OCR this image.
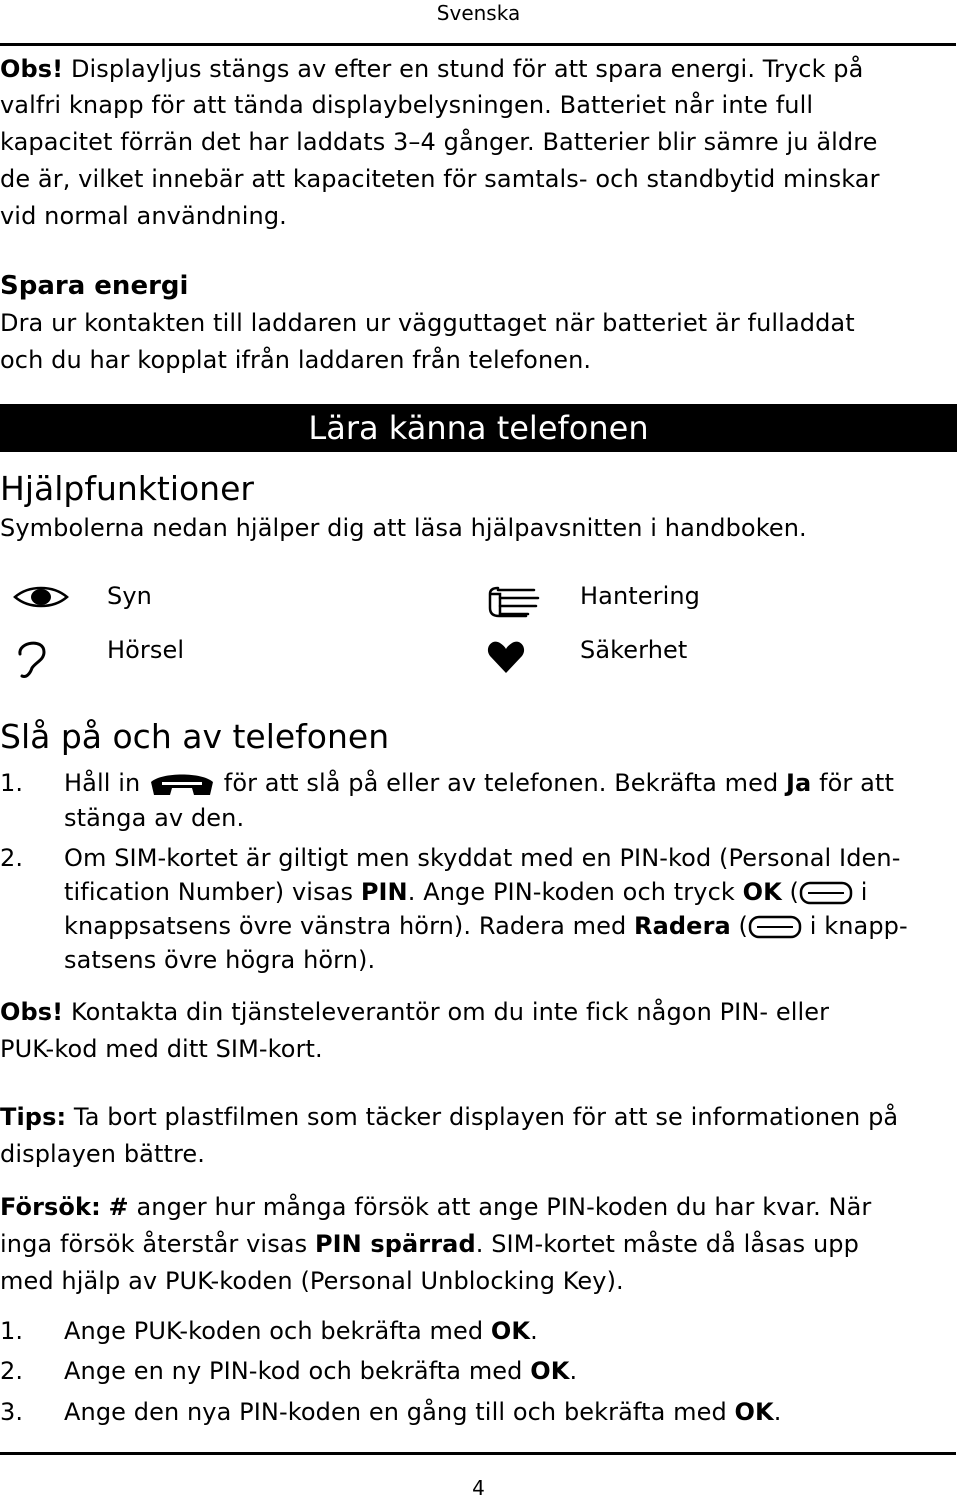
Svenska
Obs! Displayljus stängs av efter en stund för att spara energi. Tryck på
valfri knapp för att tända displaybelysningen. Batteriet når inte full
kapacitet förrän det har laddats 3–4 gånger. Batterier blir sämre ju äldre
de är, vilket innebär att kapaciteten för samtals- och standbytid minskar
vid normal användning.
Spara energi
Dra ur kontakten till laddaren ur vägguttaget när batteriet är fulladdat
och du har kopplat ifrån laddaren från telefonen.
Lära känna telefonen
Hjälpfunktioner
Symbolerna nedan hjälper dig att läsa hjälpavsnitten i handboken.
Syn	Hantering
Hörsel	Säkerhet
Slå på och av telefonen
1.	Håll in	för att slå på eller av telefonen. Bekräfta med Ja för att
stänga av den.
2.	Om SIM-kortet är giltigt men skyddat med en PIN-kod (Personal Iden-
tification Number) visas PIN. Ange PIN-koden och tryck OK (	i
knappsatsens övre vänstra hörn). Radera med Radera (	i knapp-
satsens övre högra hörn).
Obs! Kontakta din tjänsteleverantör om du inte fick någon PIN- eller
PUK-kod med ditt SIM-kort.
Tips: Ta bort plastfilmen som täcker displayen för att se informationen på
displayen bättre.
Försök: # anger hur många försök att ange PIN-koden du har kvar. När
inga försök återstår visas PIN spärrad. SIM-kortet måste då låsas upp
med hjälp av PUK-koden (Personal Unblocking Key).
1.	Ange PUK-koden och bekräfta med OK.
2.	Ange en ny PIN-kod och bekräfta med OK.
3.	Ange den nya PIN-koden en gång till och bekräfta med OK.
4
